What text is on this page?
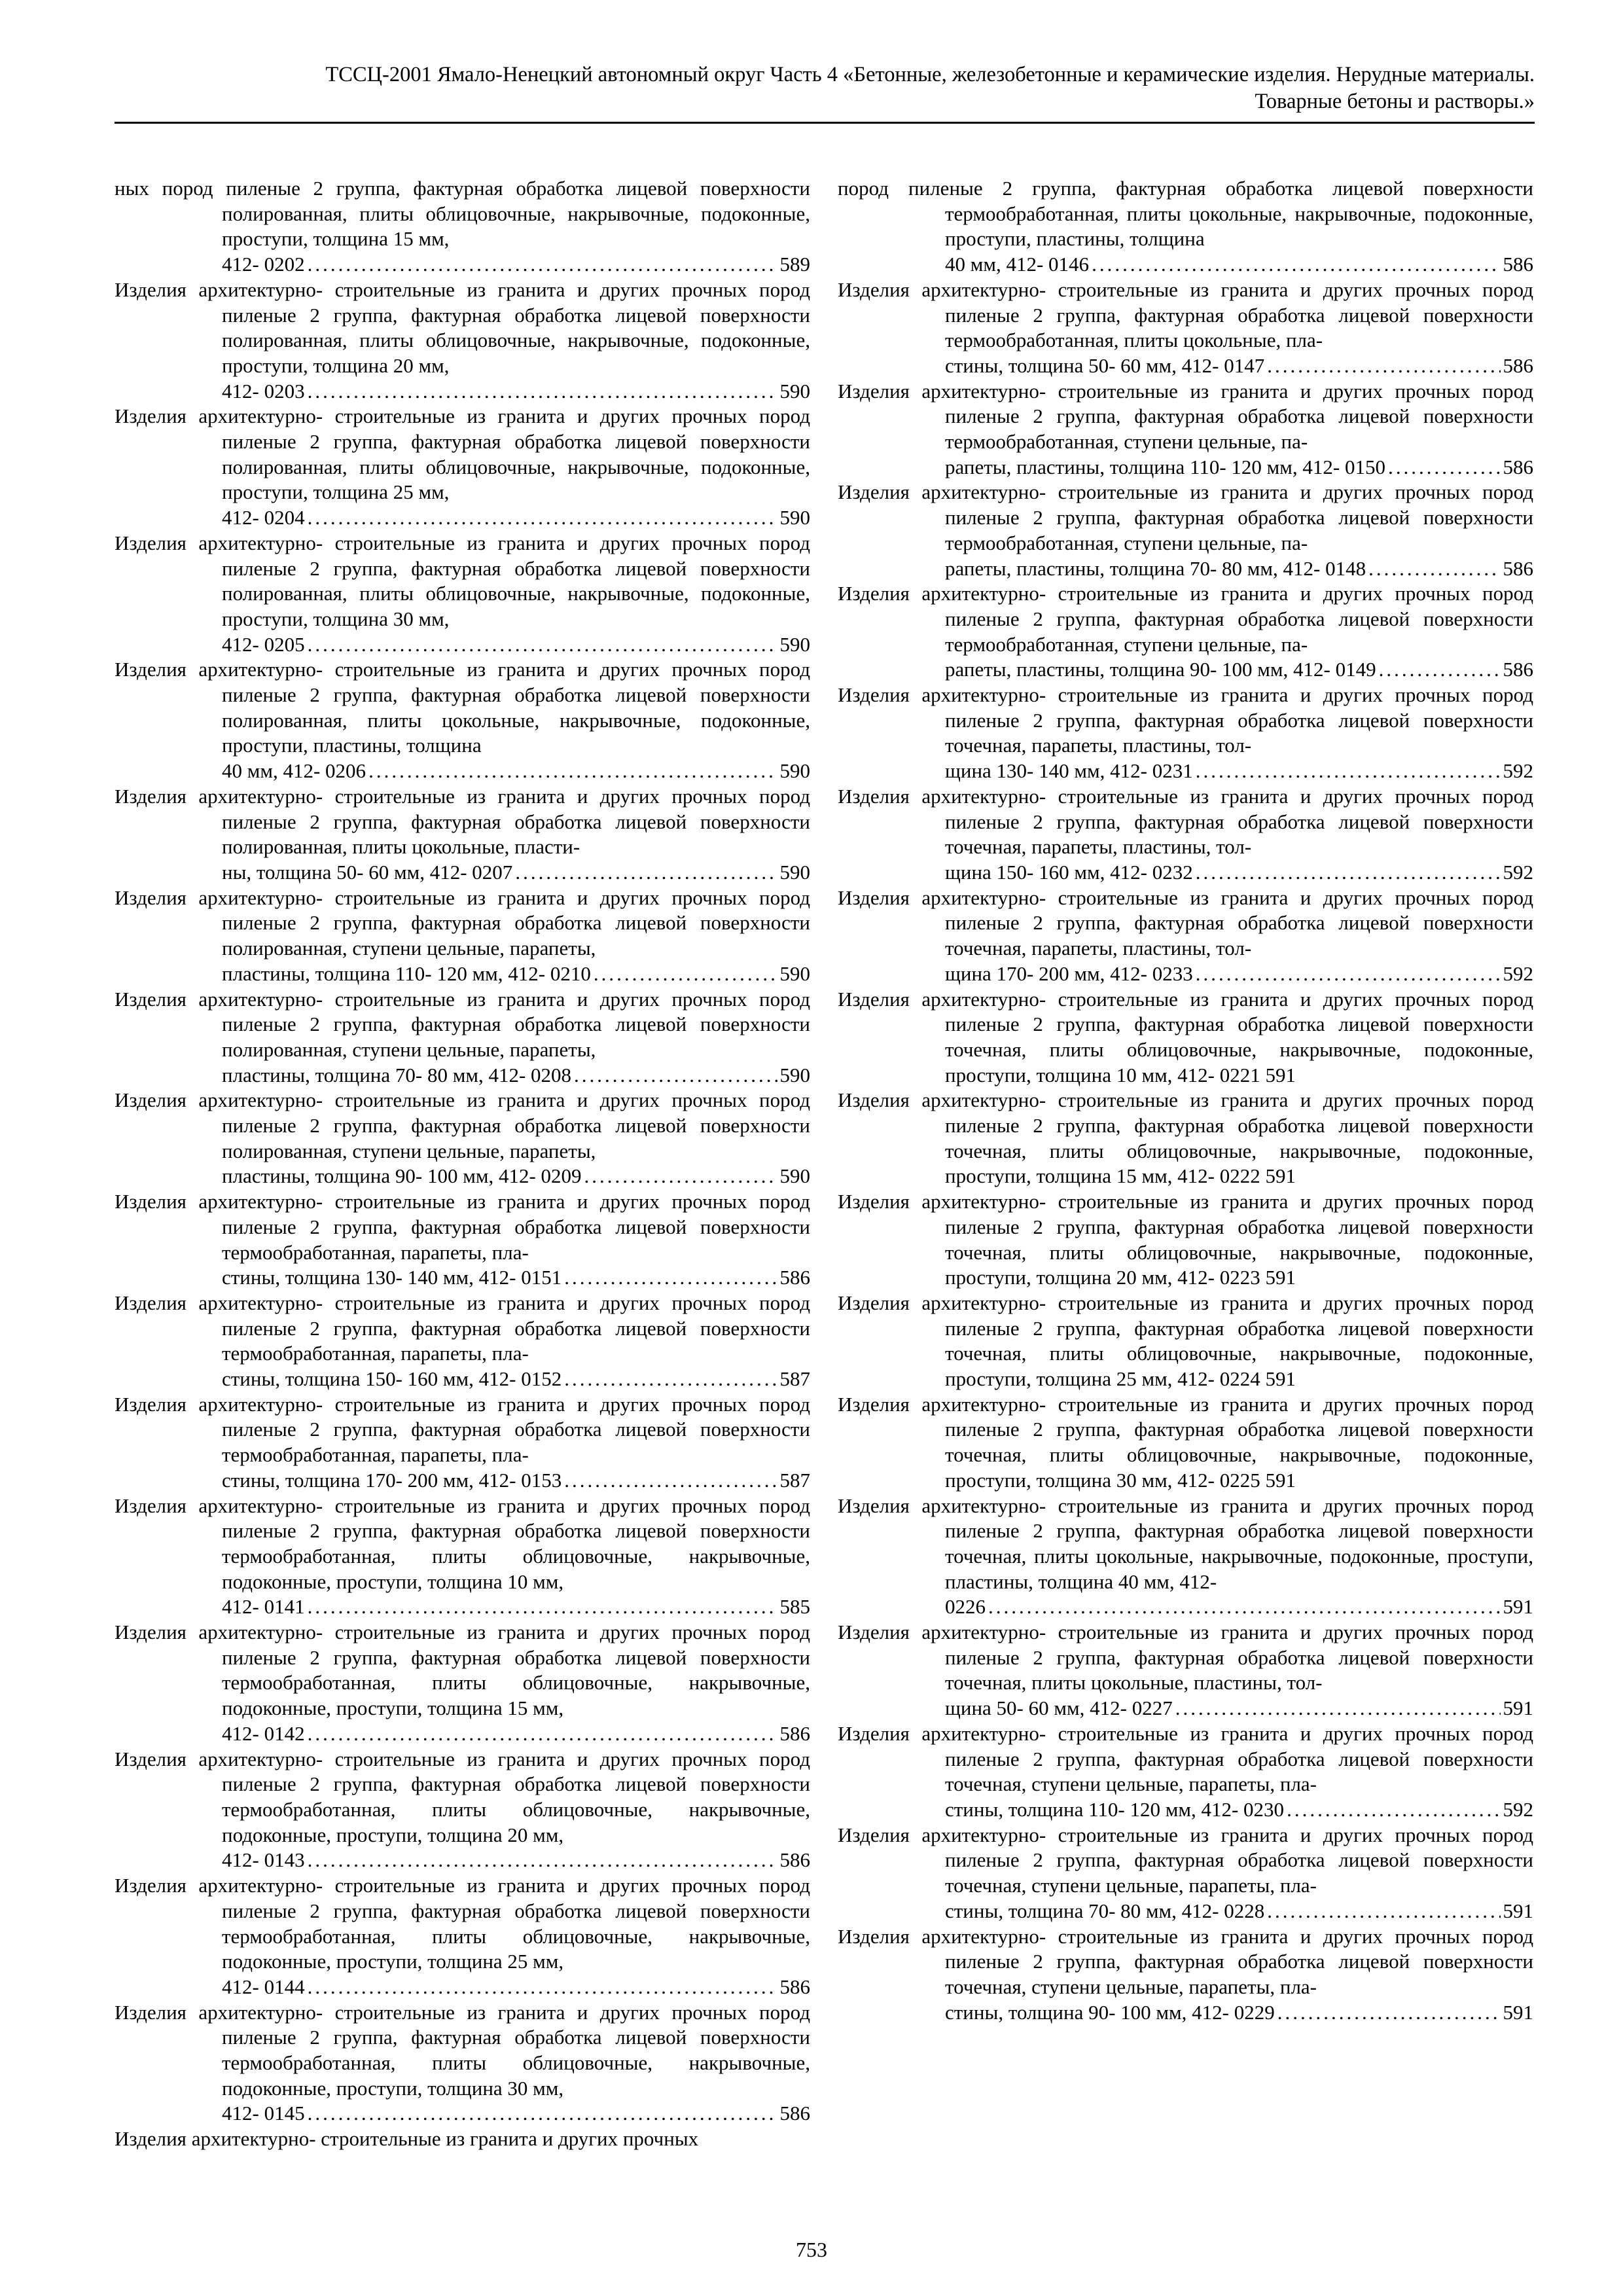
ТССЦ-2001 Ямало-Ненецкий автономный округ Часть 4 «Бетонные, железобетонные и керамические изделия. Нерудные материалы.
Товарные бетоны и растворы.»
ных пород пиленые 2 группа, фактурная обработка лицевой поверхности полированная, плиты облицовочные, накрывочные, подоконные, проступи, толщина 15 мм,
412- 0202 .....	589
Изделия архитектурно- строительные из гранита и других прочных пород пиленые 2 группа, фактурная обработка лицевой поверхности полированная, плиты облицовочные, накрывочные, подоконные, проступи, толщина 20 мм,
412- 0203 .....	590
Изделия архитектурно- строительные из гранита и других прочных пород пиленые 2 группа, фактурная обработка лицевой поверхности полированная, плиты облицовочные, накрывочные, подоконные, проступи, толщина 25 мм,
412- 0204 .....	590
Изделия архитектурно- строительные из гранита и других прочных пород пиленые 2 группа, фактурная обработка лицевой поверхности полированная, плиты облицовочные, накрывочные, подоконные, проступи, толщина 30 мм,
412- 0205 .....	590
Изделия архитектурно- строительные из гранита и других прочных пород пиленые 2 группа, фактурная обработка лицевой поверхности полированная, плиты цокольные, накрывочные, подоконные, проступи, пластины, толщина
40 мм, 412- 0206 .....	590
Изделия архитектурно- строительные из гранита и других прочных пород пиленые 2 группа, фактурная обработка лицевой поверхности полированная, плиты цокольные, пласти-
ны, толщина 50- 60 мм, 412- 0207 .....	590
Изделия архитектурно- строительные из гранита и других прочных пород пиленые 2 группа, фактурная обработка лицевой поверхности полированная, ступени цельные, парапеты,
пластины, толщина 110- 120 мм, 412- 0210 .....	590
Изделия архитектурно- строительные из гранита и других прочных пород пиленые 2 группа, фактурная обработка лицевой поверхности полированная, ступени цельные, парапеты,
пластины, толщина 70- 80 мм, 412- 0208 .....	590
Изделия архитектурно- строительные из гранита и других прочных пород пиленые 2 группа, фактурная обработка лицевой поверхности полированная, ступени цельные, парапеты,
пластины, толщина 90- 100 мм, 412- 0209 .....	590
Изделия архитектурно- строительные из гранита и других прочных пород пиленые 2 группа, фактурная обработка лицевой поверхности термообработанная, парапеты, пла-
стины, толщина 130- 140 мм, 412- 0151 .....	586
Изделия архитектурно- строительные из гранита и других прочных пород пиленые 2 группа, фактурная обработка лицевой поверхности термообработанная, парапеты, пла-
стины, толщина 150- 160 мм, 412- 0152 .....	587
Изделия архитектурно- строительные из гранита и других прочных пород пиленые 2 группа, фактурная обработка лицевой поверхности термообработанная, парапеты, пла-
стины, толщина 170- 200 мм, 412- 0153 .....	587
Изделия архитектурно- строительные из гранита и других прочных пород пиленые 2 группа, фактурная обработка лицевой поверхности термообработанная, плиты облицовочные, накрывочные, подоконные, проступи, толщина 10 мм,
412- 0141 .....	585
Изделия архитектурно- строительные из гранита и других прочных пород пиленые 2 группа, фактурная обработка лицевой поверхности термообработанная, плиты облицовочные, накрывочные, подоконные, проступи, толщина 15 мм,
412- 0142 .....	586
Изделия архитектурно- строительные из гранита и других прочных пород пиленые 2 группа, фактурная обработка лицевой поверхности термообработанная, плиты облицовочные, накрывочные, подоконные, проступи, толщина 20 мм,
412- 0143 .....	586
Изделия архитектурно- строительные из гранита и других прочных пород пиленые 2 группа, фактурная обработка лицевой поверхности термообработанная, плиты облицовочные, накрывочные, подоконные, проступи, толщина 25 мм,
412- 0144 .....	586
Изделия архитектурно- строительные из гранита и других прочных пород пиленые 2 группа, фактурная обработка лицевой поверхности термообработанная, плиты облицовочные, накрывочные, подоконные, проступи, толщина 30 мм,
412- 0145 .....	586
Изделия архитектурно- строительные из гранита и других прочных
пород пиленые 2 группа, фактурная обработка лицевой поверхности термообработанная, плиты цокольные, накрывочные, подоконные, проступи, пластины, толщина
40 мм, 412- 0146 .....	586
Изделия архитектурно- строительные из гранита и других прочных пород пиленые 2 группа, фактурная обработка лицевой поверхности термообработанная, плиты цокольные, пла-
стины, толщина 50- 60 мм, 412- 0147 .....	586
Изделия архитектурно- строительные из гранита и других прочных пород пиленые 2 группа, фактурная обработка лицевой поверхности термообработанная, ступени цельные, па-
рапеты, пластины, толщина 110- 120 мм, 412- 0150 .....	586
Изделия архитектурно- строительные из гранита и других прочных пород пиленые 2 группа, фактурная обработка лицевой поверхности термообработанная, ступени цельные, па-
рапеты, пластины, толщина 70- 80 мм, 412- 0148 .....	586
Изделия архитектурно- строительные из гранита и других прочных пород пиленые 2 группа, фактурная обработка лицевой поверхности термообработанная, ступени цельные, па-
рапеты, пластины, толщина 90- 100 мм, 412- 0149 .....	586
Изделия архитектурно- строительные из гранита и других прочных пород пиленые 2 группа, фактурная обработка лицевой поверхности точечная, парапеты, пластины, тол-
щина 130- 140 мм, 412- 0231 .....	592
Изделия архитектурно- строительные из гранита и других прочных пород пиленые 2 группа, фактурная обработка лицевой поверхности точечная, парапеты, пластины, тол-
щина 150- 160 мм, 412- 0232 .....	592
Изделия архитектурно- строительные из гранита и других прочных пород пиленые 2 группа, фактурная обработка лицевой поверхности точечная, парапеты, пластины, тол-
щина 170- 200 мм, 412- 0233 .....	592
Изделия архитектурно- строительные из гранита и других прочных пород пиленые 2 группа, фактурная обработка лицевой поверхности точечная, плиты облицовочные, накрывочные, подоконные, проступи, толщина 10 мм, 412- 0221 591
Изделия архитектурно- строительные из гранита и других прочных пород пиленые 2 группа, фактурная обработка лицевой поверхности точечная, плиты облицовочные, накрывочные, подоконные, проступи, толщина 15 мм, 412- 0222 591
Изделия архитектурно- строительные из гранита и других прочных пород пиленые 2 группа, фактурная обработка лицевой поверхности точечная, плиты облицовочные, накрывочные, подоконные, проступи, толщина 20 мм, 412- 0223 591
Изделия архитектурно- строительные из гранита и других прочных пород пиленые 2 группа, фактурная обработка лицевой поверхности точечная, плиты облицовочные, накрывочные, подоконные, проступи, толщина 25 мм, 412- 0224 591
Изделия архитектурно- строительные из гранита и других прочных пород пиленые 2 группа, фактурная обработка лицевой поверхности точечная, плиты облицовочные, накрывочные, подоконные, проступи, толщина 30 мм, 412- 0225 591
Изделия архитектурно- строительные из гранита и других прочных пород пиленые 2 группа, фактурная обработка лицевой поверхности точечная, плиты цокольные, накрывочные, подоконные, проступи, пластины, толщина 40 мм, 412-
0226 .....	591
Изделия архитектурно- строительные из гранита и других прочных пород пиленые 2 группа, фактурная обработка лицевой поверхности точечная, плиты цокольные, пластины, тол-
щина 50- 60 мм, 412- 0227 .....	591
Изделия архитектурно- строительные из гранита и других прочных пород пиленые 2 группа, фактурная обработка лицевой поверхности точечная, ступени цельные, парапеты, пла-
стины, толщина 110- 120 мм, 412- 0230 .....	592
Изделия архитектурно- строительные из гранита и других прочных пород пиленые 2 группа, фактурная обработка лицевой поверхности точечная, ступени цельные, парапеты, пла-
стины, толщина 70- 80 мм, 412- 0228 .....	591
Изделия архитектурно- строительные из гранита и других прочных пород пиленые 2 группа, фактурная обработка лицевой поверхности точечная, ступени цельные, парапеты, пла-
стины, толщина 90- 100 мм, 412- 0229 .....	591
753
